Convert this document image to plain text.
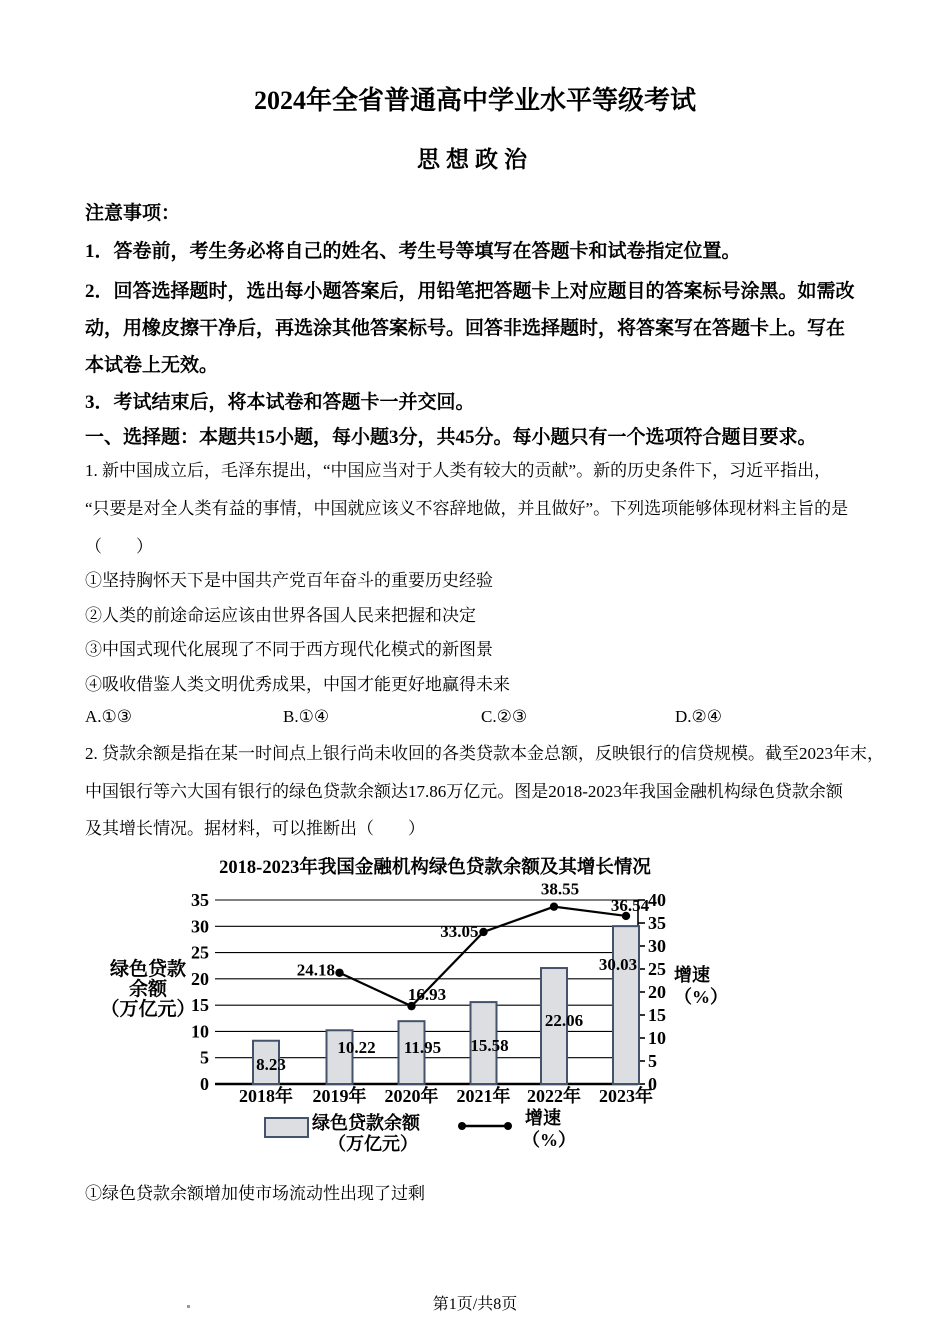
2024年全省普通高中学业水平等级考试
思想政治
注意事项：
1．答卷前，考生务必将自己的姓名、考生号等填写在答题卡和试卷指定位置。
2．回答选择题时，选出每小题答案后，用铅笔把答题卡上对应题目的答案标号涂黑。如需改
动，用橡皮擦干净后，再选涂其他答案标号。回答非选择题时，将答案写在答题卡上。写在
本试卷上无效。
3．考试结束后，将本试卷和答题卡一并交回。
一、选择题：本题共15小题，每小题3分，共45分。每小题只有一个选项符合题目要求。
1. 新中国成立后，毛泽东提出，“中国应当对于人类有较大的贡献”。新的历史条件下，习近平指出，
“只要是对全人类有益的事情，中国就应该义不容辞地做，并且做好”。下列选项能够体现材料主旨的是
（　　）
①坚持胸怀天下是中国共产党百年奋斗的重要历史经验
②人类的前途命运应该由世界各国人民来把握和决定
③中国式现代化展现了不同于西方现代化模式的新图景
④吸收借鉴人类文明优秀成果，中国才能更好地赢得未来
A.①③	B.①④	C.②③	D.②④
2. 贷款余额是指在某一时间点上银行尚未收回的各类贷款本金总额，反映银行的信贷规模。截至2023年末，
中国银行等六大国有银行的绿色贷款余额达17.86万亿元。图是2018-2023年我国金融机构绿色贷款余额
及其增长情况。据材料，可以推断出（　　）
2018-2023年我国金融机构绿色贷款余额及其增长情况
0
5
10
15
20
25
30
35
0
5
10
15
20
25
30
35
40
8.23
10.22 11.95 15.58
22.06
30.03
24.18
16.93
33.05
38.55
36.54
2018年 2019年 2020年 2021年 2022年 2023年
绿色贷款
余额
（万亿元）
增速
（%）
绿色贷款余额
（万亿元）
增速
（%）
①绿色贷款余额增加使市场流动性出现了过剩
第1页/共8页
